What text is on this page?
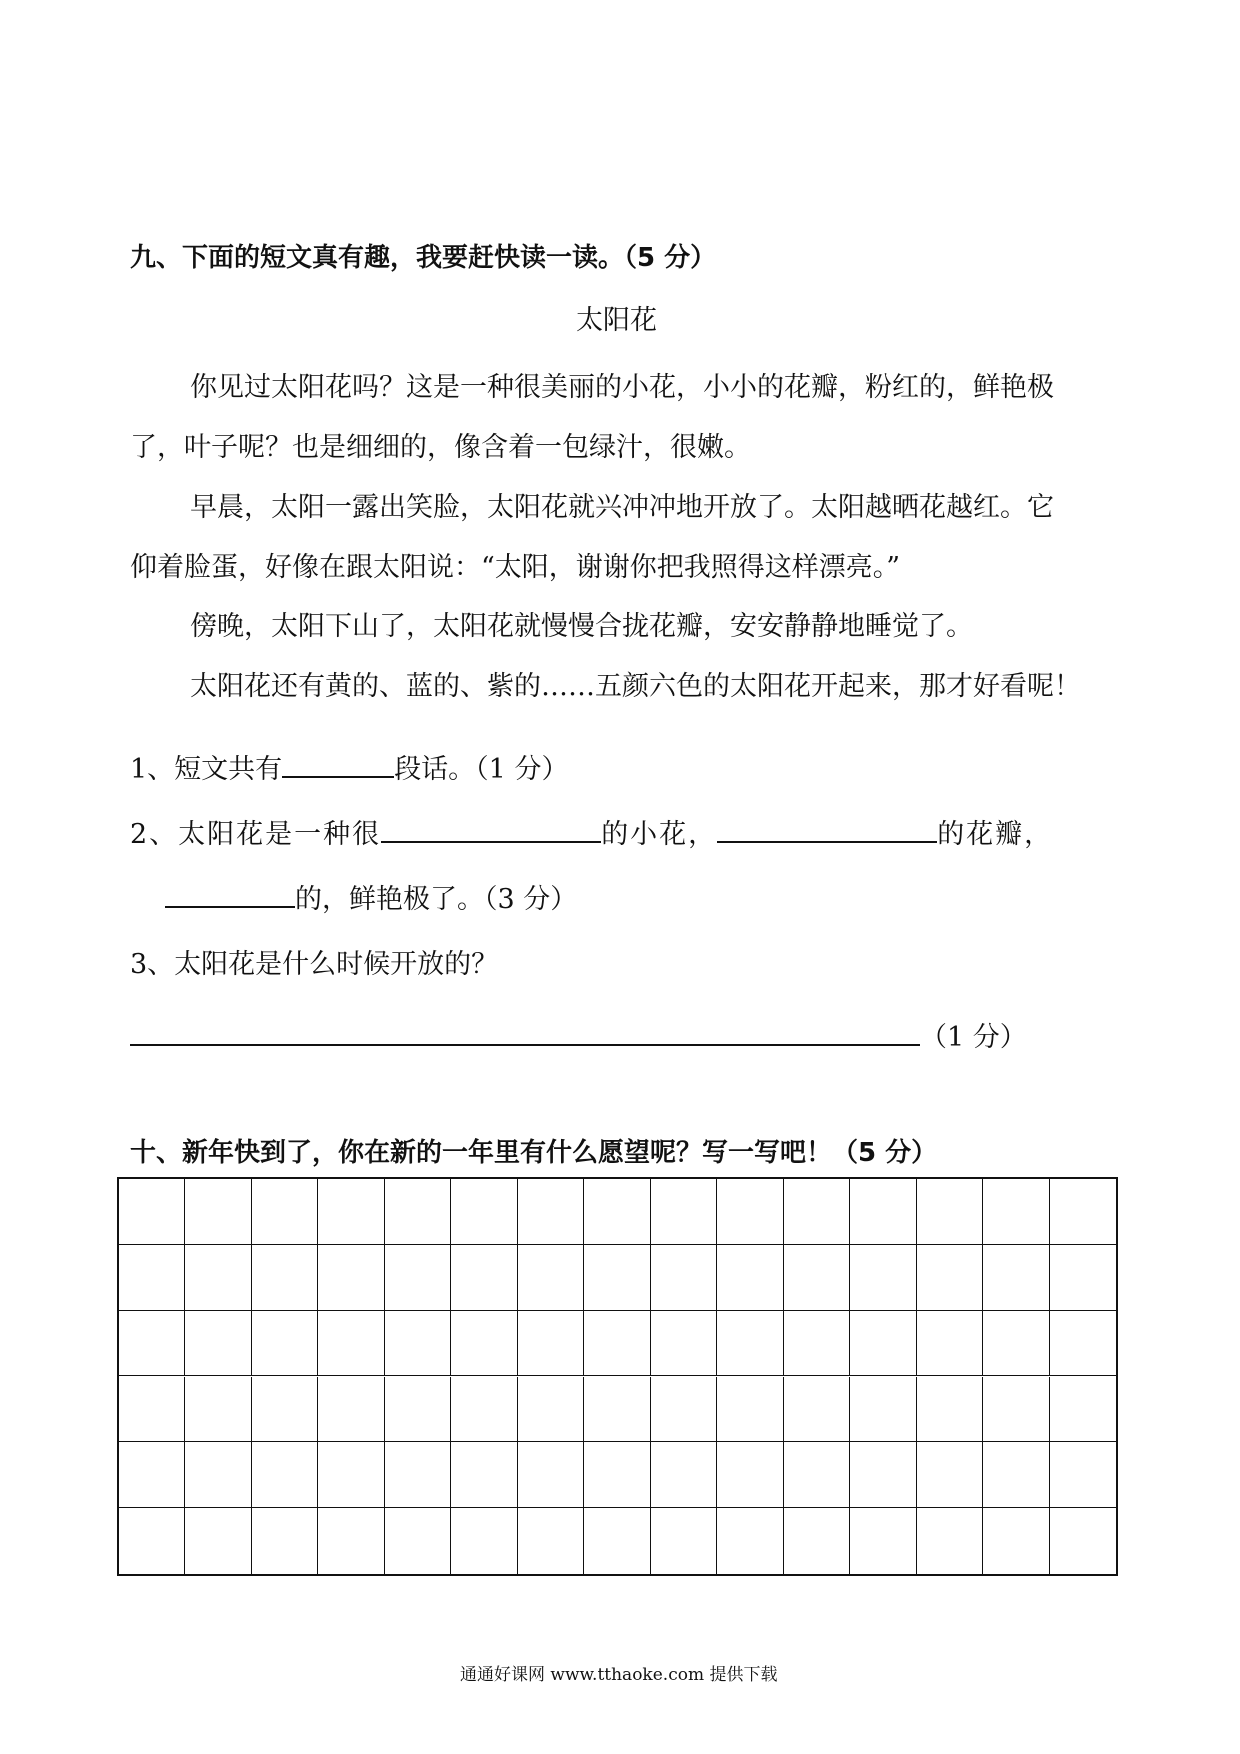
九、下面的短文真有趣，我要赶快读一读。（5 分）
太阳花
你见过太阳花吗？这是一种很美丽的小花，小小的花瓣，粉红的，鲜艳极
了，叶子呢？也是细细的，像含着一包绿汁，很嫩。
早晨，太阳一露出笑脸，太阳花就兴冲冲地开放了。太阳越晒花越红。它
仰着脸蛋，好像在跟太阳说：“太阳，谢谢你把我照得这样漂亮。”
傍晚，太阳下山了，太阳花就慢慢合拢花瓣，安安静静地睡觉了。
太阳花还有黄的、蓝的、紫的……五颜六色的太阳花开起来，那才好看呢！
1、短文共有	段话。（1 分）
2、太阳花是一种很	的小花，	的花瓣，
的，鲜艳极了。（3 分）
3、太阳花是什么时候开放的？
（1 分）
十、新年快到了，你在新的一年里有什么愿望呢？写一写吧！（5 分）
通通好课网 www.tthaoke.com 提供下载
